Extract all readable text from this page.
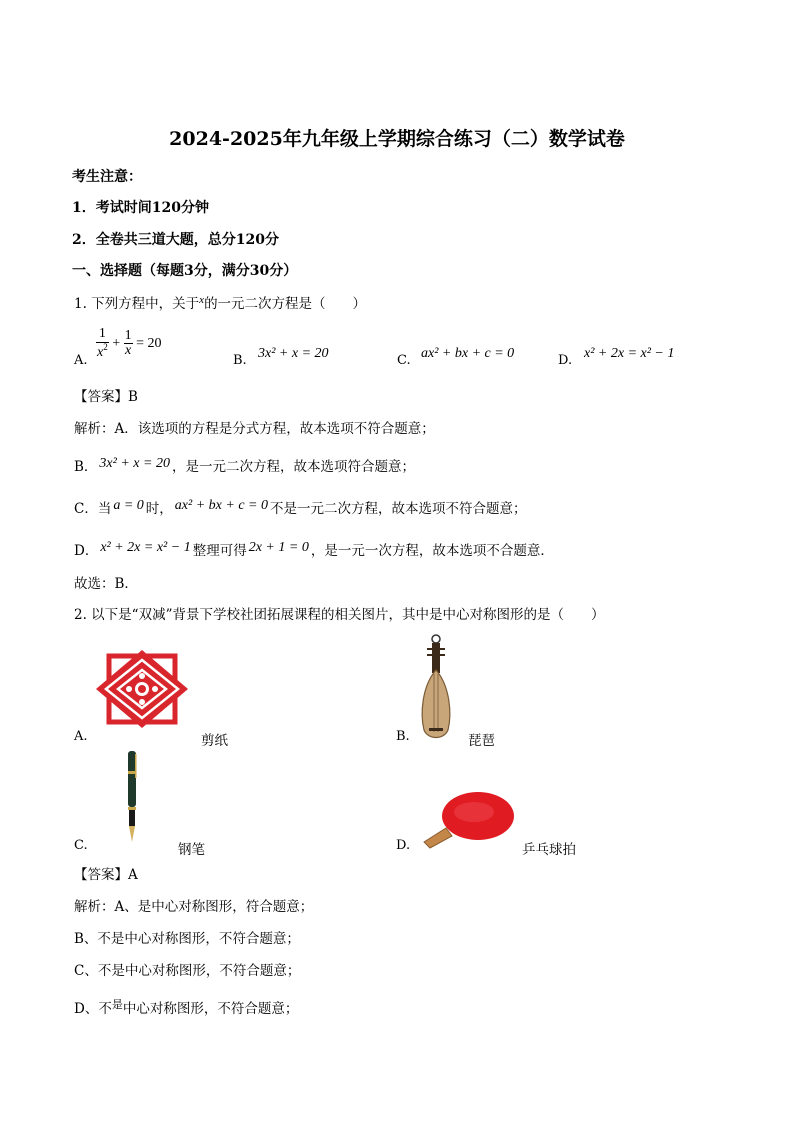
2024-2025年九年级上学期综合练习（二）数学试卷
考生注意：
1．考试时间120分钟
2．全卷共三道大题，总分120分
一、选择题（每题3分，满分30分）
1. 下列方程中，关于$^x$的一元二次方程是（　　）
A.
$\frac{1}{x^2} + \frac{1}{x} = 20$
B. 3x² + x = 20	C. ax² + bx + c = 0	D. x² + 2x = x² − 1
【答案】B
解析：A．该选项的方程是分式方程，故本选项不符合题意；
B． 3x² + x = 20 ，是一元二次方程，故本选项符合题意；
C．当 a = 0 时， ax² + bx + c = 0 不是一元二次方程，故本选项不符合题意；
D． x² + 2x = x² − 1 整理可得 2x + 1 = 0 ，是一元一次方程，故本选项不合题意．
故选：B．
2. 以下是“双减”背景下学校社团拓展课程的相关图片，其中是中心对称图形的是（　　）
A.	剪纸	B.	琵琶
C.	钢笔	D.	乒乓球拍
【答案】A
解析：A、是中心对称图形，符合题意；
B、不是中心对称图形，不符合题意；
C、不是中心对称图形，不符合题意；
D、不$^是$中心对称图形，不符合题意；
